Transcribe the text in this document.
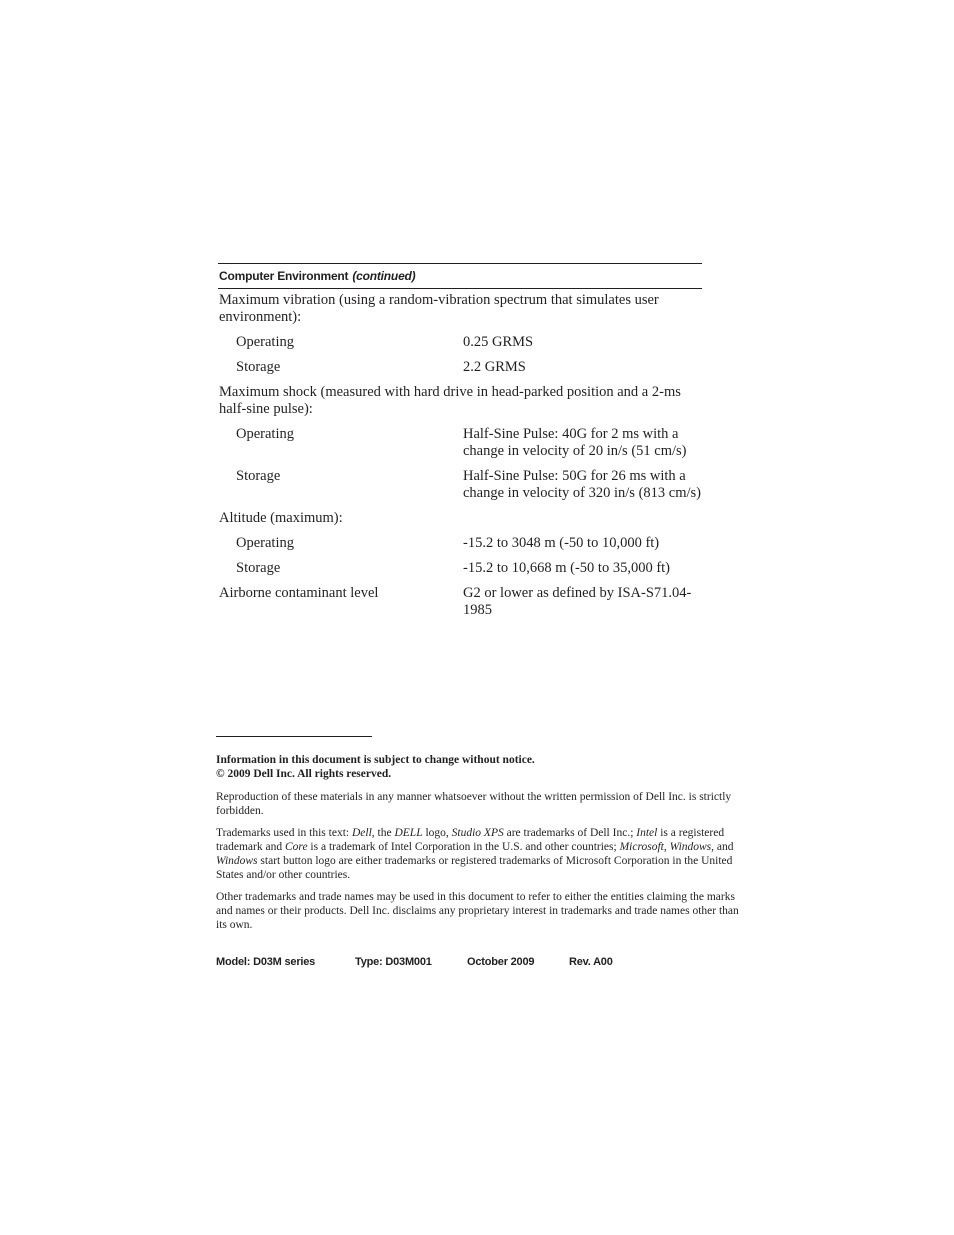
Computer Environment (continued)
Maximum vibration (using a random-vibration spectrum that simulates user environment):
Operating	0.25 GRMS
Storage	2.2 GRMS
Maximum shock (measured with hard drive in head-parked position and a 2-ms half-sine pulse):
Operating	Half-Sine Pulse: 40G for 2 ms with a change in velocity of 20 in/s (51 cm/s)
Storage	Half-Sine Pulse: 50G for 26 ms with a change in velocity of 320 in/s (813 cm/s)
Altitude (maximum):
Operating	-15.2 to 3048 m (-50 to 10,000 ft)
Storage	-15.2 to 10,668 m (-50 to 35,000 ft)
Airborne contaminant level	G2 or lower as defined by ISA-S71.04-1985
Information in this document is subject to change without notice.
© 2009 Dell Inc. All rights reserved.

Reproduction of these materials in any manner whatsoever without the written permission of Dell Inc. is strictly forbidden.

Trademarks used in this text: Dell, the DELL logo, Studio XPS are trademarks of Dell Inc.; Intel is a registered trademark and Core is a trademark of Intel Corporation in the U.S. and other countries; Microsoft, Windows, and Windows start button logo are either trademarks or registered trademarks of Microsoft Corporation in the United States and/or other countries.

Other trademarks and trade names may be used in this document to refer to either the entities claiming the marks and names or their products. Dell Inc. disclaims any proprietary interest in trademarks and trade names other than its own.

Model: D03M series	Type: D03M001	October 2009	Rev. A00
